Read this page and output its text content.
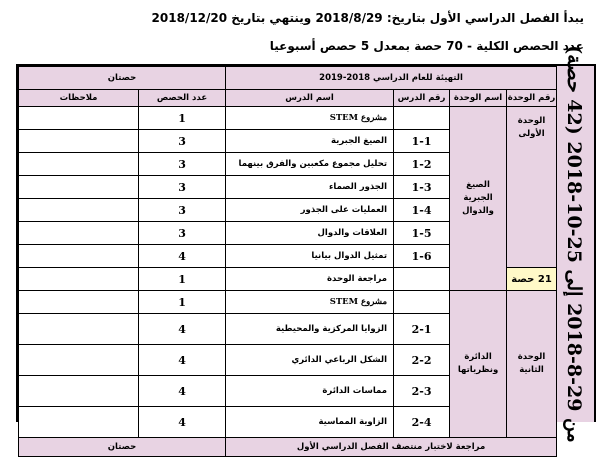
يبدأ الفصل الدراسي الأول بتاريخ: 2018/8/29 وينتهي بتاريخ 2018/12/20
عدد الحصص الكلية - 70 حصة بمعدل 5 حصص أسبوعيا
من 29-8-2018 إلى 25-10-2018 (42 حصة)
التهيئة للعام الدراسي 2018-2019				حصتان	
رقم الوحدة	اسم الوحدة	رقم الدرس	اسم الدرس	عدد الحصص	ملاحظات
الوحدة الأولى	الصيغ الجبرية والدوال		مشروع STEM	1	
		1-1	الصيغ الجبرية	3	
		1-2	تحليل مجموع مكعبين والفرق بينهما	3	
		1-3	الجذور الصماء	3	
		1-4	العمليات على الجذور	3	
		1-5	العلاقات والدوال	3	
		1-6	تمثيل الدوال بيانيا	4	
21 حصة			مراجعة الوحدة	1	
الوحدة الثانية	الدائرة ونظرياتها		مشروع STEM	1	
		2-1	الزوايا المركزية والمحيطية	4	
		2-2	الشكل الرباعي الدائري	4	
		2-3	مماسات الدائرة	4	
		2-4	الزاوية المماسية	4	
مراجعة لاختبار منتصف الفصل الدراسي الأول				حصتان	
